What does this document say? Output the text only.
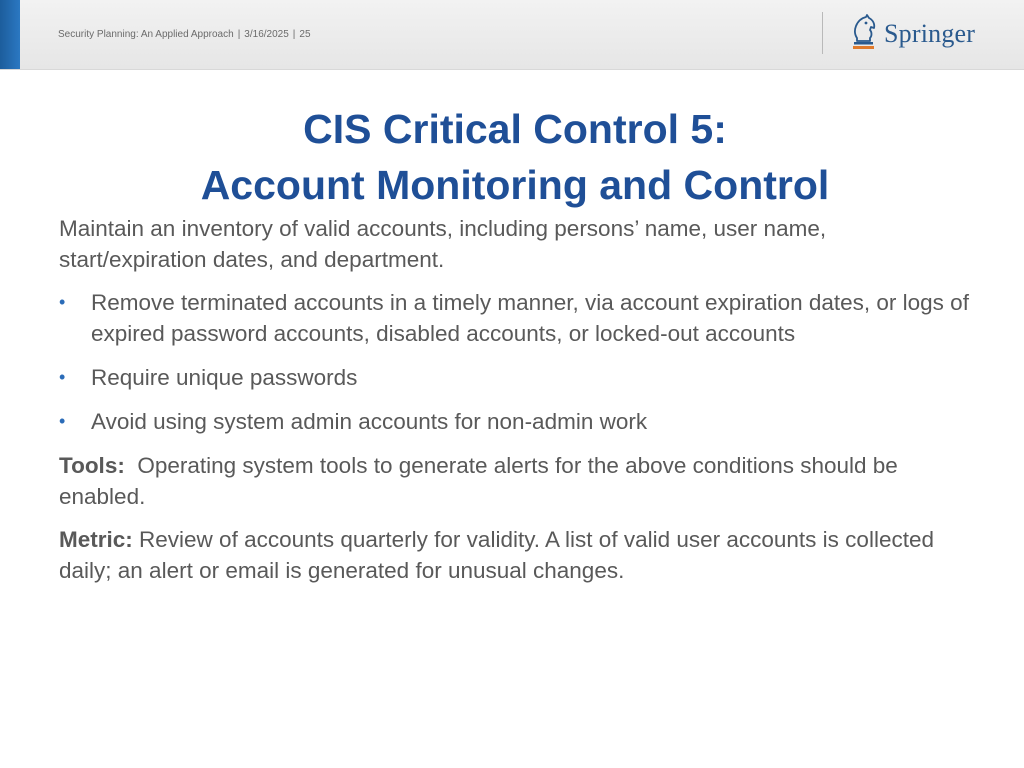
Security Planning: An Applied Approach | 3/16/2025 | 25	Springer
CIS Critical Control 5:
Account Monitoring and Control

Maintain an inventory of valid accounts, including persons’ name, user name, start/expiration dates, and department.

• Remove terminated accounts in a timely manner, via account expiration dates, or logs of expired password accounts, disabled accounts, or locked-out accounts
• Require unique passwords
• Avoid using system admin accounts for non-admin work

Tools: Operating system tools to generate alerts for the above conditions should be enabled.

Metric: Review of accounts quarterly for validity. A list of valid user accounts is collected daily; an alert or email is generated for unusual changes.
